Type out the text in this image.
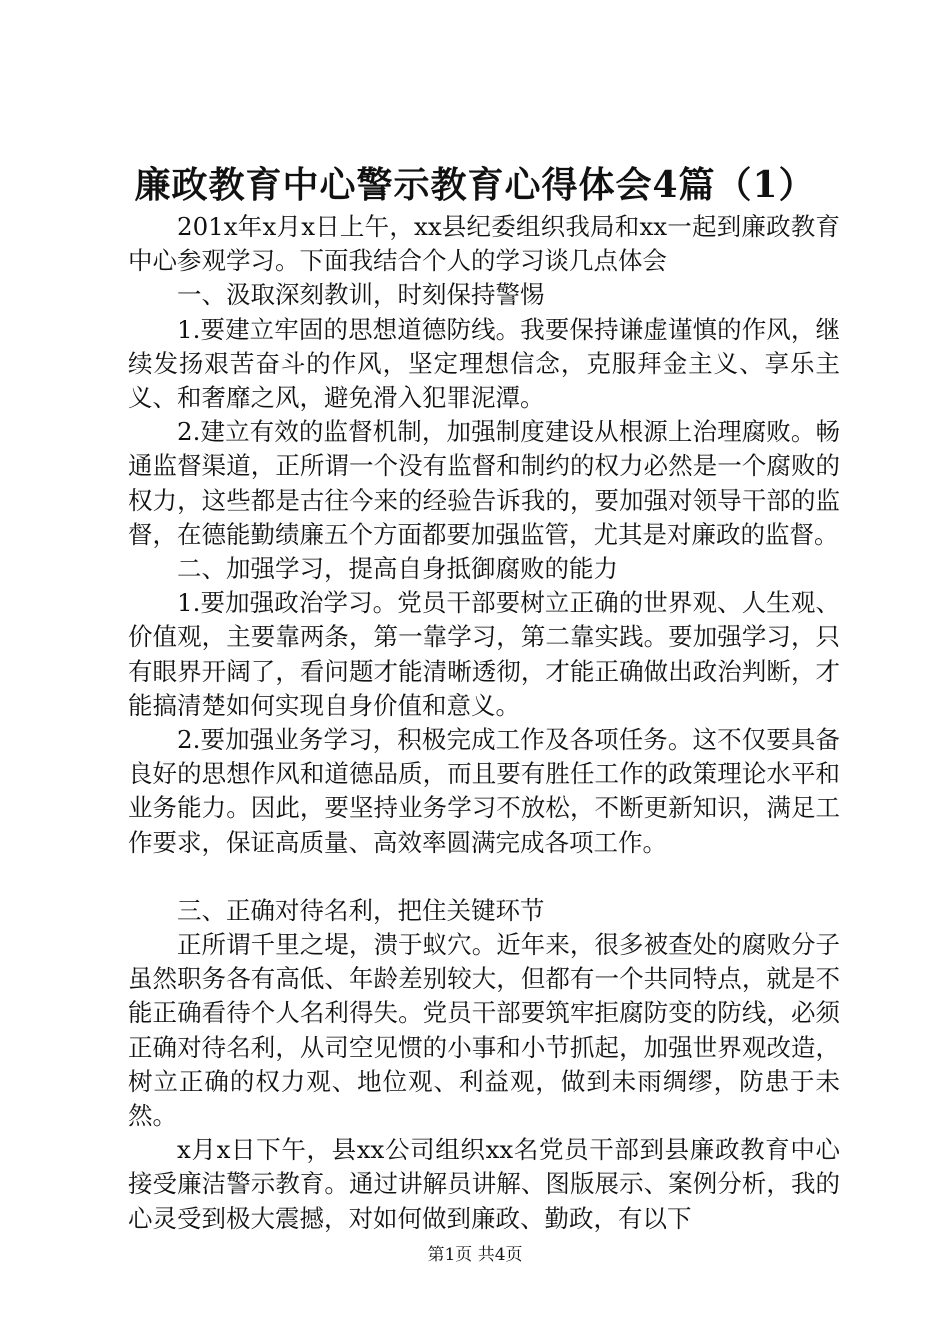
廉政教育中心警示教育心得体会4篇（1）

201x年x月x日上午，xx县纪委组织我局和xx一起到廉政教育中心参观学习。下面我结合个人的学习谈几点体会

一、汲取深刻教训，时刻保持警惕

1.要建立牢固的思想道德防线。我要保持谦虚谨慎的作风，继续发扬艰苦奋斗的作风，坚定理想信念，克服拜金主义、享乐主义、和奢靡之风，避免滑入犯罪泥潭。

2.建立有效的监督机制，加强制度建设从根源上治理腐败。畅通监督渠道，正所谓一个没有监督和制约的权力必然是一个腐败的权力，这些都是古往今来的经验告诉我的，要加强对领导干部的监督，在德能勤绩廉五个方面都要加强监管，尤其是对廉政的监督。

二、加强学习，提高自身抵御腐败的能力

1.要加强政治学习。党员干部要树立正确的世界观、人生观、价值观，主要靠两条，第一靠学习，第二靠实践。要加强学习，只有眼界开阔了，看问题才能清晰透彻，才能正确做出政治判断，才能搞清楚如何实现自身价值和意义。

2.要加强业务学习，积极完成工作及各项任务。这不仅要具备良好的思想作风和道德品质，而且要有胜任工作的政策理论水平和业务能力。因此，要坚持业务学习不放松，不断更新知识，满足工作要求，保证高质量、高效率圆满完成各项工作。

三、正确对待名利，把住关键环节

正所谓千里之堤，溃于蚁穴。近年来，很多被查处的腐败分子虽然职务各有高低、年龄差别较大，但都有一个共同特点，就是不能正确看待个人名利得失。党员干部要筑牢拒腐防变的防线，必须正确对待名利，从司空见惯的小事和小节抓起，加强世界观改造，树立正确的权力观、地位观、利益观，做到未雨绸缪，防患于未然。

x月x日下午，县xx公司组织xx名党员干部到县廉政教育中心接受廉洁警示教育。通过讲解员讲解、图版展示、案例分析，我的心灵受到极大震撼，对如何做到廉政、勤政，有以下

第1页 共4页
